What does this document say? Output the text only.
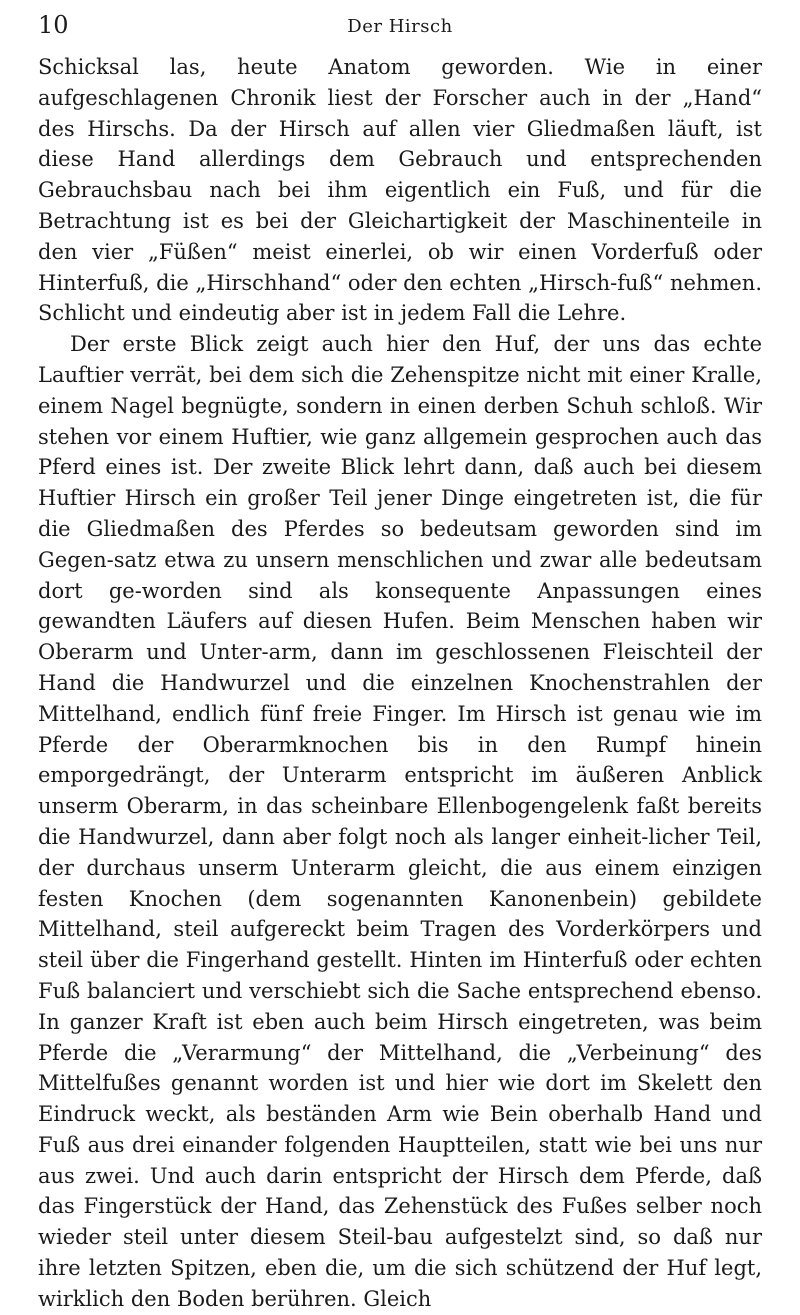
10	Der Hirsch

Schicksal las, heute Anatom geworden. Wie in einer aufgeschlagenen Chronik liest der Forscher auch in der „Hand“ des Hirschs. Da der Hirsch auf allen vier Gliedmaßen läuft, ist diese Hand allerdings dem Gebrauch und entsprechenden Gebrauchsbau nach bei ihm eigentlich ein Fuß, und für die Betrachtung ist es bei der Gleichartigkeit der Maschinenteile in den vier „Füßen“ meist einerlei, ob wir einen Vorderfuß oder Hinterfuß, die „Hirschhand“ oder den echten „Hirsch-fuß“ nehmen. Schlicht und eindeutig aber ist in jedem Fall die Lehre.

Der erste Blick zeigt auch hier den Huf, der uns das echte Lauftier verrät, bei dem sich die Zehenspitze nicht mit einer Kralle, einem Nagel begnügte, sondern in einen derben Schuh schloß. Wir stehen vor einem Huftier, wie ganz allgemein gesprochen auch das Pferd eines ist. Der zweite Blick lehrt dann, daß auch bei diesem Huftier Hirsch ein großer Teil jener Dinge eingetreten ist, die für die Gliedmaßen des Pferdes so bedeutsam geworden sind im Gegen-satz etwa zu unsern menschlichen und zwar alle bedeutsam dort ge-worden sind als konsequente Anpassungen eines gewandten Läufers auf diesen Hufen. Beim Menschen haben wir Oberarm und Unter-arm, dann im geschlossenen Fleischteil der Hand die Handwurzel und die einzelnen Knochenstrahlen der Mittelhand, endlich fünf freie Finger. Im Hirsch ist genau wie im Pferde der Oberarmknochen bis in den Rumpf hinein emporgedrängt, der Unterarm entspricht im äußeren Anblick unserm Oberarm, in das scheinbare Ellenbogengelenk faßt bereits die Handwurzel, dann aber folgt noch als langer einheit-licher Teil, der durchaus unserm Unterarm gleicht, die aus einem einzigen festen Knochen (dem sogenannten Kanonenbein) gebildete Mittelhand, steil aufgereckt beim Tragen des Vorderkörpers und steil über die Fingerhand gestellt. Hinten im Hinterfuß oder echten Fuß balanciert und verschiebt sich die Sache entsprechend ebenso. In ganzer Kraft ist eben auch beim Hirsch eingetreten, was beim Pferde die „Verarmung“ der Mittelhand, die „Verbeinung“ des Mittelfußes genannt worden ist und hier wie dort im Skelett den Eindruck weckt, als beständen Arm wie Bein oberhalb Hand und Fuß aus drei einander folgenden Hauptteilen, statt wie bei uns nur aus zwei. Und auch darin entspricht der Hirsch dem Pferde, daß das Fingerstück der Hand, das Zehenstück des Fußes selber noch wieder steil unter diesem Steil-bau aufgestelzt sind, so daß nur ihre letzten Spitzen, eben die, um die sich schützend der Huf legt, wirklich den Boden berühren. Gleich
